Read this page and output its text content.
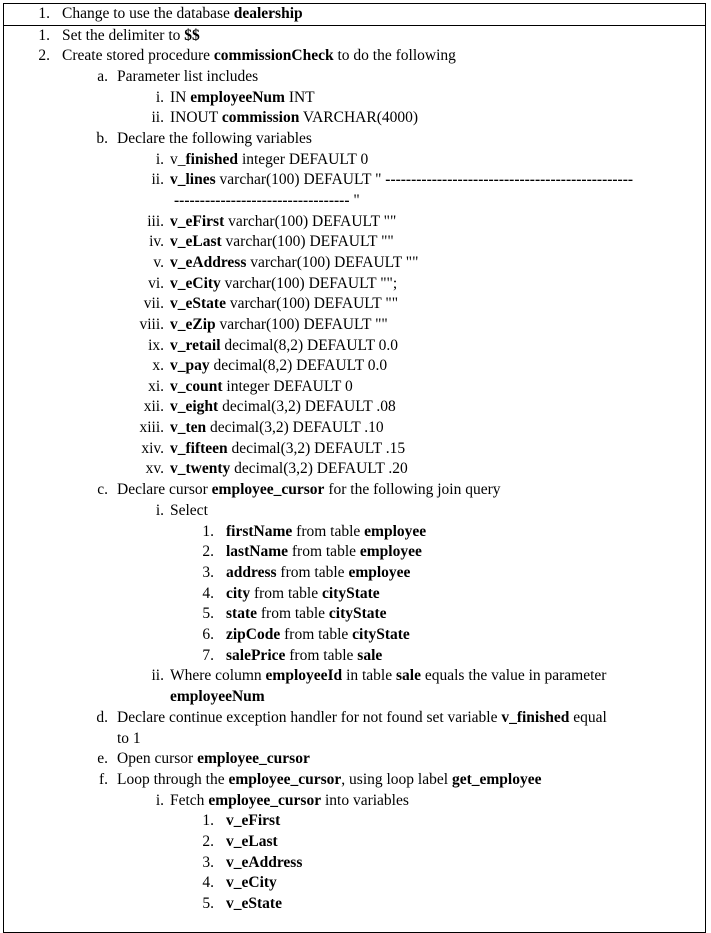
1. Change to use the database dealership
1. Set the delimiter to $$
2. Create stored procedure commissionCheck to do the following
a. Parameter list includes
i. IN employeeNum INT
ii. INOUT commission VARCHAR(4000)
b. Declare the following variables
i. v_finished integer DEFAULT 0
ii. v_lines varchar(100) DEFAULT " ------------------------------------------------
---------------------------------- "
iii. v_eFirst varchar(100) DEFAULT ""
iv. v_eLast varchar(100) DEFAULT ""
v. v_eAddress varchar(100) DEFAULT ""
vi. v_eCity varchar(100) DEFAULT "";
vii. v_eState varchar(100) DEFAULT ""
viii. v_eZip varchar(100) DEFAULT ""
ix. v_retail decimal(8,2) DEFAULT 0.0
x. v_pay decimal(8,2) DEFAULT 0.0
xi. v_count integer DEFAULT 0
xii. v_eight decimal(3,2) DEFAULT .08
xiii. v_ten decimal(3,2) DEFAULT .10
xiv. v_fifteen decimal(3,2) DEFAULT .15
xv. v_twenty decimal(3,2) DEFAULT .20
c. Declare cursor employee_cursor for the following join query
i. Select
1. firstName from table employee
2. lastName from table employee
3. address from table employee
4. city from table cityState
5. state from table cityState
6. zipCode from table cityState
7. salePrice from table sale
ii. Where column employeeId in table sale equals the value in parameter
employeeNum
d. Declare continue exception handler for not found set variable v_finished equal
to 1
e. Open cursor employee_cursor
f. Loop through the employee_cursor, using loop label get_employee
i. Fetch employee_cursor into variables
1. v_eFirst
2. v_eLast
3. v_eAddress
4. v_eCity
5. v_eState
